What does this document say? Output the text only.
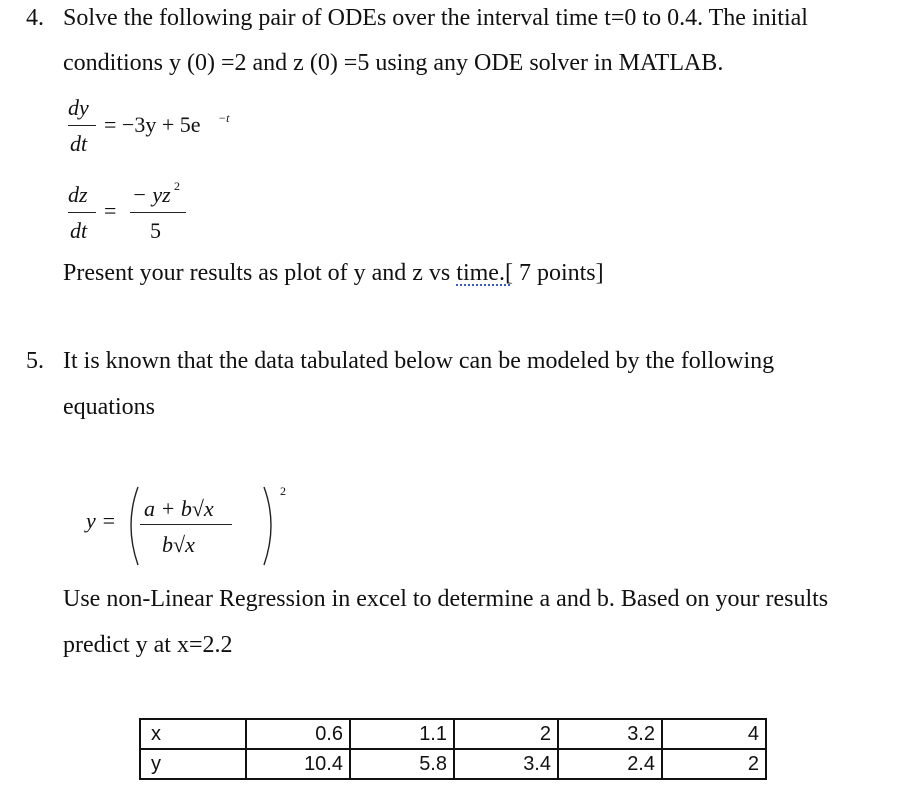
4. Solve the following pair of ODEs over the interval time t=0 to 0.4. The initial
conditions y (0) =2 and z (0) =5 using any ODE solver in MATLAB.
dy
dt
= −3y + 5e −t
dz
dt
=
− yz 2
5
Present your results as plot of y and z vs time.[ 7 points]
5. It is known that the data tabulated below can be modeled by the following
equations
y = a + b√x
b√x
2
Use non-Linear Regression in excel to determine a and b. Based on your results
predict y at x=2.2
x	0.6	1.1	2	3.2	4
y	10.4	5.8	3.4	2.4	2
